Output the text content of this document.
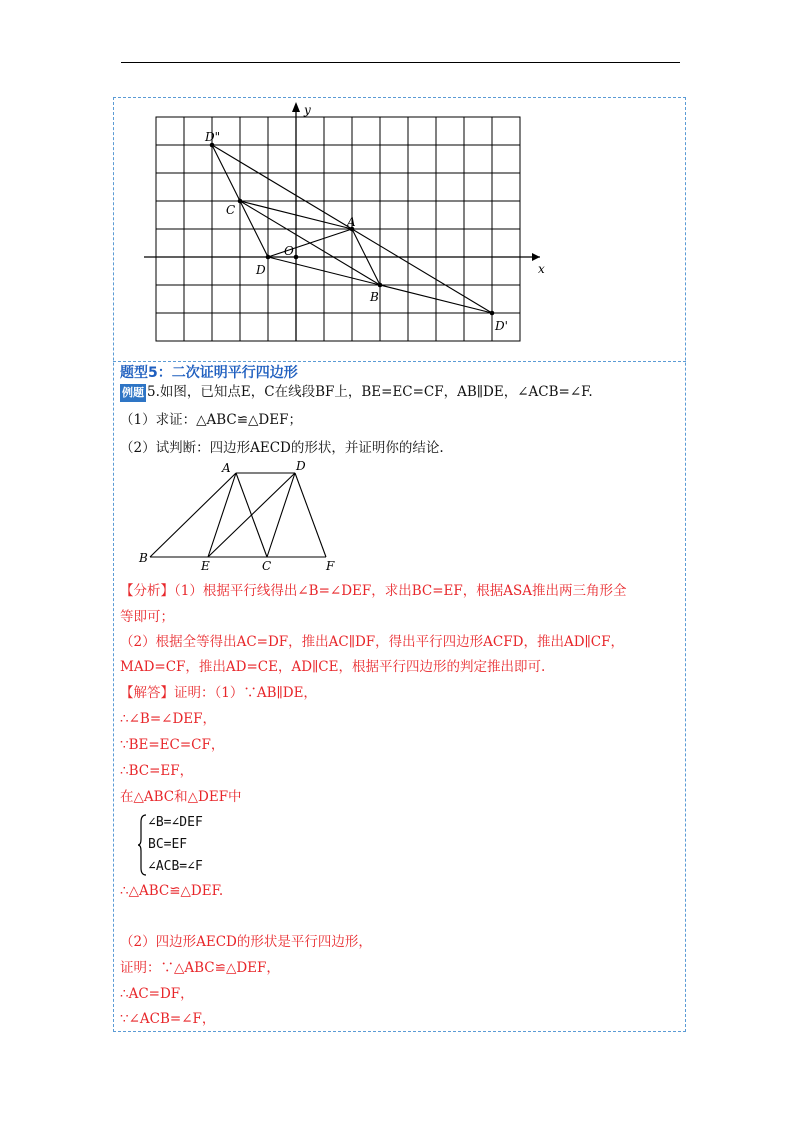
D"
C
A
O
D
B
D'
x
y
题型5：二次证明平行四边形
例题 5.如图，已知点E，C在线段BF上，BE=EC=CF，AB∥DE，∠ACB=∠F.
（1）求证：△ABC≌△DEF；
（2）试判断：四边形AECD的形状，并证明你的结论.
A	D
B
E	C	F
【分析】（1）根据平行线得出∠B=∠DEF，求出BC=EF，根据ASA推出两三角形全
等即可；
（2）根据全等得出AC=DF，推出AC∥DF，得出平行四边形ACFD，推出AD∥CF，
MAD=CF，推出AD=CE，AD∥CE，根据平行四边形的判定推出即可.
【解答】证明：（1）∵AB∥DE，
∴∠B=∠DEF，
∵BE=EC=CF，
∴BC=EF，
在△ABC和△DEF中
∠B=∠DEF
BC=EF
∠ACB=∠F
∴△ABC≌△DEF.
（2）四边形AECD的形状是平行四边形，
证明：∵△ABC≌△DEF，
∴AC=DF，
∵∠ACB=∠F，
